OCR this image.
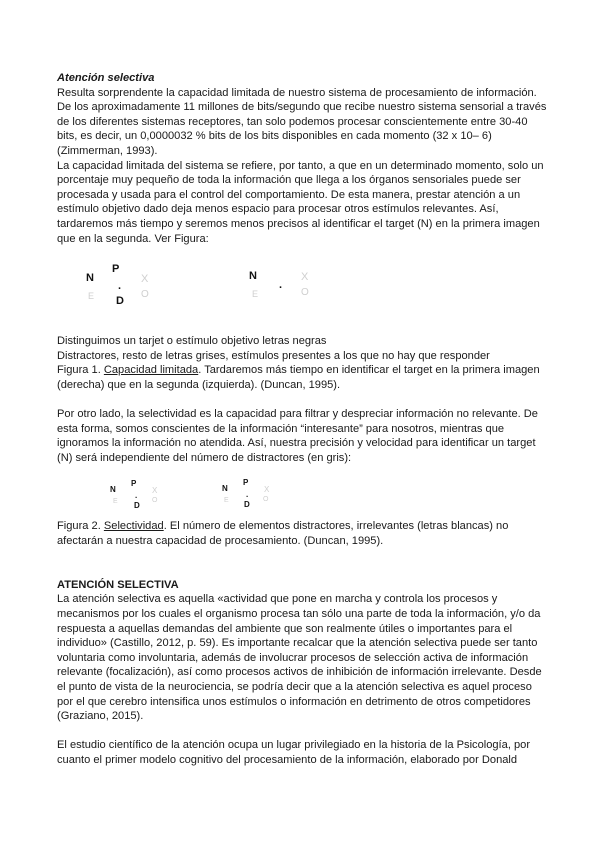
Atención selectiva

Resulta sorprendente la capacidad limitada de nuestro sistema de procesamiento de información. De los aproximadamente 11 millones de bits/segundo que recibe nuestro sistema sensorial a través de los diferentes sistemas receptores, tan solo podemos procesar conscientemente entre 30-40 bits, es decir, un 0,0000032 % bits de los bits disponibles en cada momento (32 x 10– 6) (Zimmerman, 1993).

La capacidad limitada del sistema se refiere, por tanto, a que en un determinado momento, solo un porcentaje muy pequeño de toda la información que llega a los órganos sensoriales puede ser procesada y usada para el control del comportamiento. De esta manera, prestar atención a un estímulo objetivo dado deja menos espacio para procesar otros estímulos relevantes. Así, tardaremos más tiempo y seremos menos precisos al identificar el target (N) en la primera imagen que en la segunda. Ver Figura:

N
P
.
D
X
E	O
N
.
X
E	O

Distinguimos un tarjet o estímulo objetivo letras negras

Distractores, resto de letras grises, estímulos presentes a los que no hay que responder

Figura 1. Capacidad limitada. Tardaremos más tiempo en identificar el target en la primera imagen (derecha) que en la segunda (izquierda). (Duncan, 1995).

Por otro lado, la selectividad es la capacidad para filtrar y despreciar información no relevante. De esta forma, somos conscientes de la información “interesante” para nosotros, mientras que ignoramos la información no atendida. Así, nuestra precisión y velocidad para identificar un target (N) será independiente del número de distractores (en gris):

N
P
.
D
X
E	O
N
P
.
D
X
E	O

Figura 2. Selectividad. El número de elementos distractores, irrelevantes (letras blancas) no afectarán a nuestra capacidad de procesamiento. (Duncan, 1995).

ATENCIÓN SELECTIVA

La atención selectiva es aquella «actividad que pone en marcha y controla los procesos y mecanismos por los cuales el organismo procesa tan sólo una parte de toda la información, y/o da respuesta a aquellas demandas del ambiente que son realmente útiles o importantes para el individuo» (Castillo, 2012, p. 59). Es importante recalcar que la atención selectiva puede ser tanto voluntaria como involuntaria, además de involucrar procesos de selección activa de información relevante (focalización), así como procesos activos de inhibición de información irrelevante. Desde el punto de vista de la neurociencia, se podría decir que a la atención selectiva es aquel proceso por el que cerebro intensifica unos estímulos o información en detrimento de otros competidores (Graziano, 2015).

El estudio científico de la atención ocupa un lugar privilegiado en la historia de la Psicología, por cuanto el primer modelo cognitivo del procesamiento de la información, elaborado por Donald
